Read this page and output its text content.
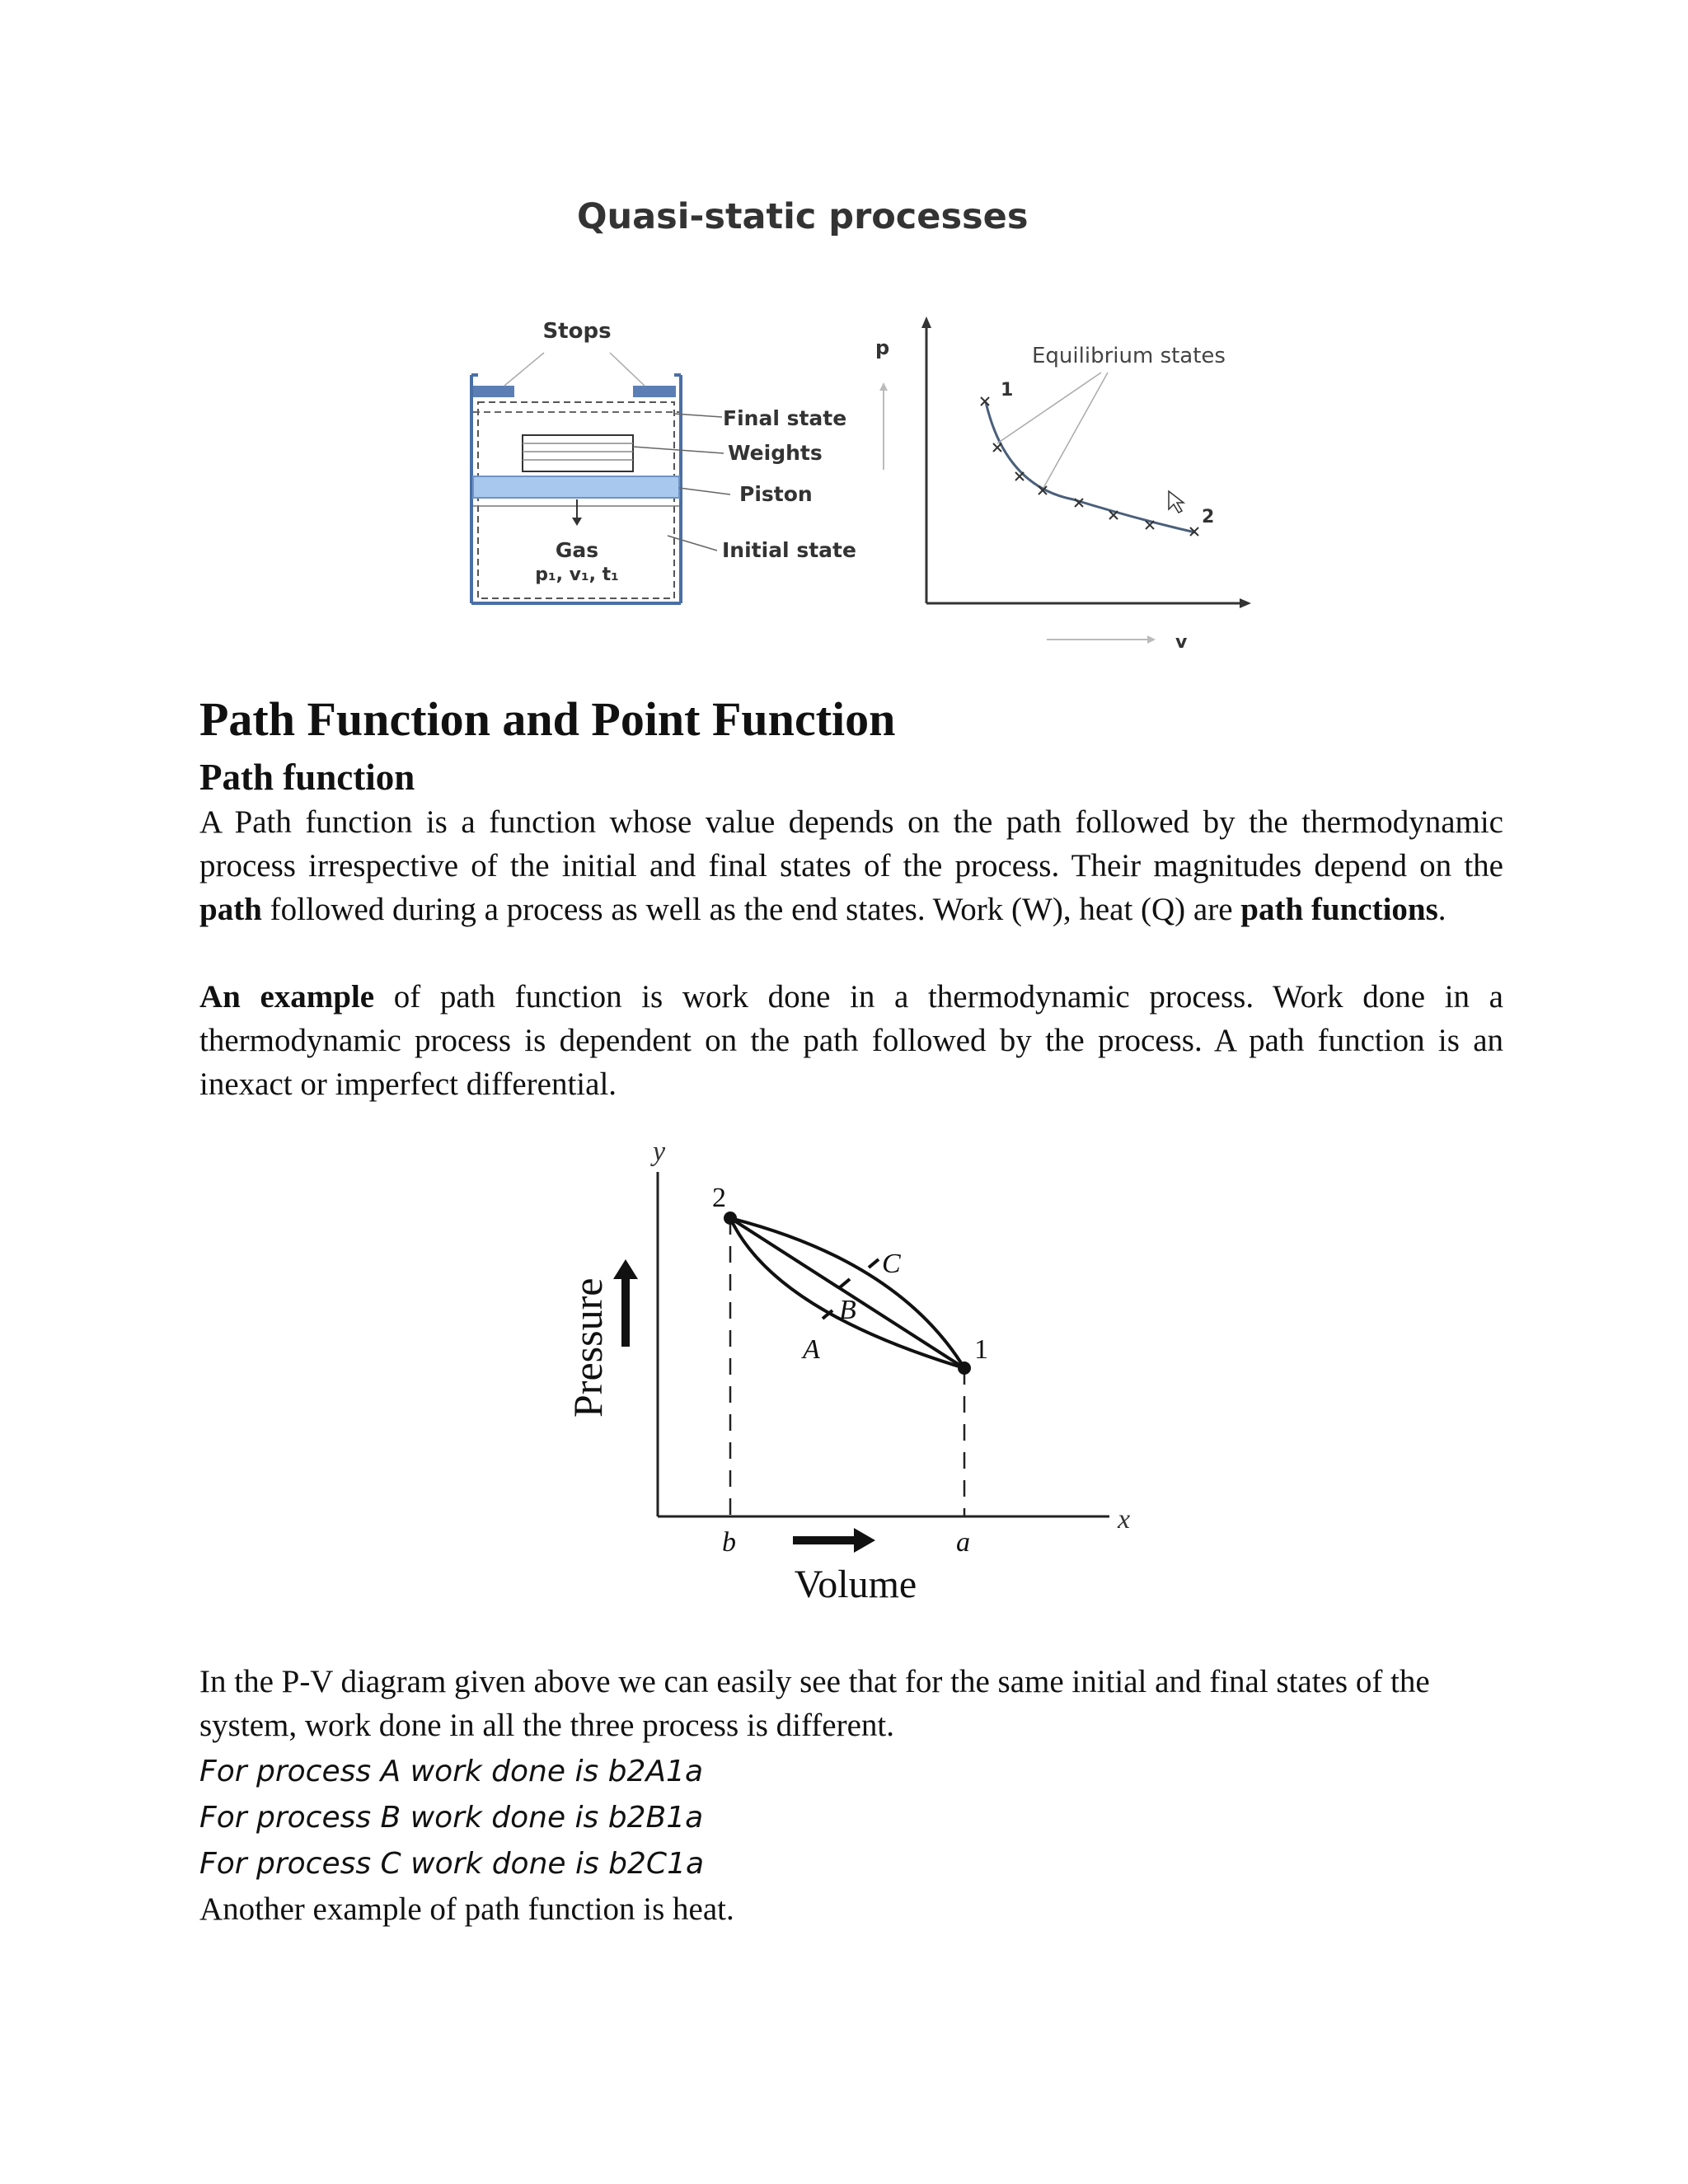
Quasi-static processes
Stops
Gas
p₁, v₁, t₁
Final state
Weights
Piston
Initial state
p
v
Equilibrium states
1
2
Path Function and Point Function
Path function

A Path function is a function whose value depends on the path followed by the thermodynamic process irrespective of the initial and final states of the process. Their magnitudes depend on the path followed during a process as well as the end states. Work (W), heat (Q) are path functions.

An example of path function is work done in a thermodynamic process. Work done in a thermodynamic process is dependent on the path followed by the process. A path function is an inexact or imperfect differential.

Pressure
y
x
2
1
A
B
C
b	a
Volume

In the P-V diagram given above we can easily see that for the same initial and final states of the system, work done in all the three process is different.

For process A work done is b2A1a

For process B work done is b2B1a

For process C work done is b2C1a

Another example of path function is heat.
